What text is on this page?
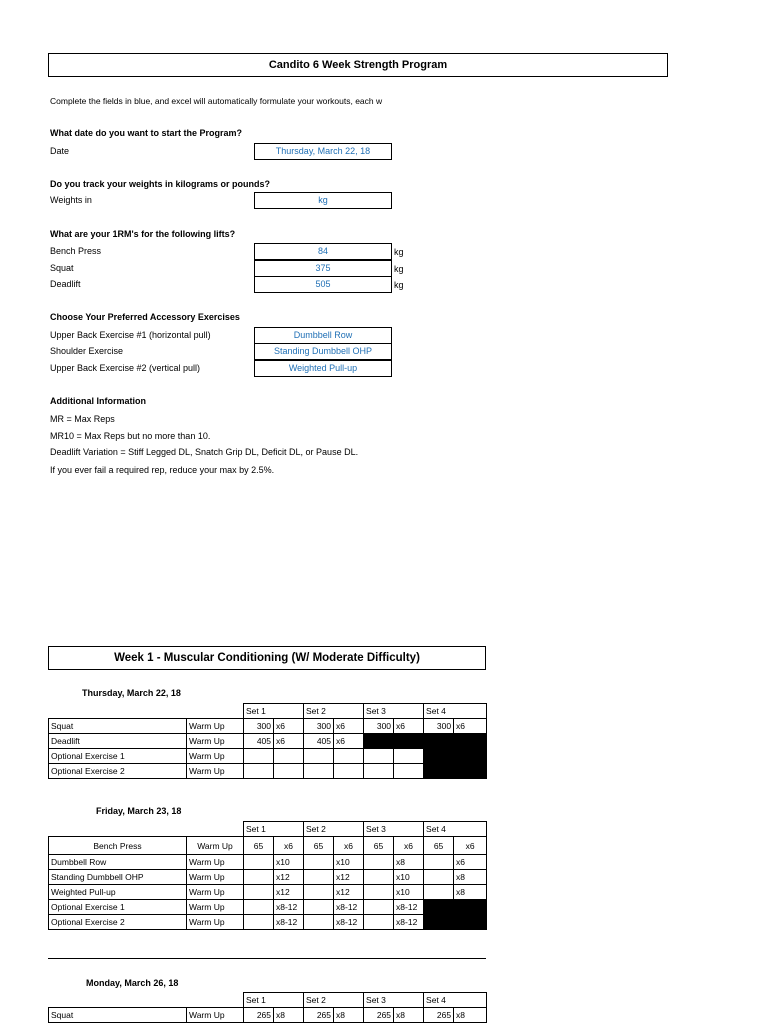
Candito 6 Week Strength Program
Complete the fields in blue, and excel will automatically formulate your workouts, each w
What date do you want to start the Program?
Date	Thursday, March 22, 18
Do you track your weights in kilograms or pounds?
Weights in	kg
What are your 1RM's for the following lifts?
Bench Press	84	kg
Squat	375	kg
Deadlift	505	kg
Choose Your Preferred Accessory Exercises
Upper Back Exercise #1 (horizontal pull)	Dumbbell Row
Shoulder Exercise	Standing Dumbbell OHP
Upper Back Exercise #2 (vertical pull)	Weighted Pull-up
Additional Information
MR = Max Reps
MR10 = Max Reps but no more than 10.
Deadlift Variation = Stiff Legged DL, Snatch Grip DL, Deficit DL, or Pause DL.
If you ever fail a required rep, reduce your max by 2.5%.
Week 1 - Muscular Conditioning (W/ Moderate Difficulty)
Thursday, March 22, 18
		Set 1		Set 2		Set 3		Set 4	
Squat	Warm Up	300	x6	300	x6	300	x6	300	x6
Deadlift	Warm Up	405	x6	405	x6				
Optional Exercise 1	Warm Up								
Optional Exercise 2	Warm Up								
Friday, March 23, 18
		Set 1		Set 2		Set 3		Set 4	
Bench Press	Warm Up	65	x6	65	x6	65	x6	65	x6
Dumbbell Row	Warm Up		x10		x10		x8		x6
Standing Dumbbell OHP	Warm Up		x12		x12		x10		x8
Weighted Pull-up	Warm Up		x12		x12		x10		x8
Optional Exercise 1	Warm Up		x8-12		x8-12		x8-12		
Optional Exercise 2	Warm Up		x8-12		x8-12		x8-12		
Monday, March 26, 18
		Set 1		Set 2		Set 3		Set 4	
Squat	Warm Up	265	x8	265	x8	265	x8	265	x8
